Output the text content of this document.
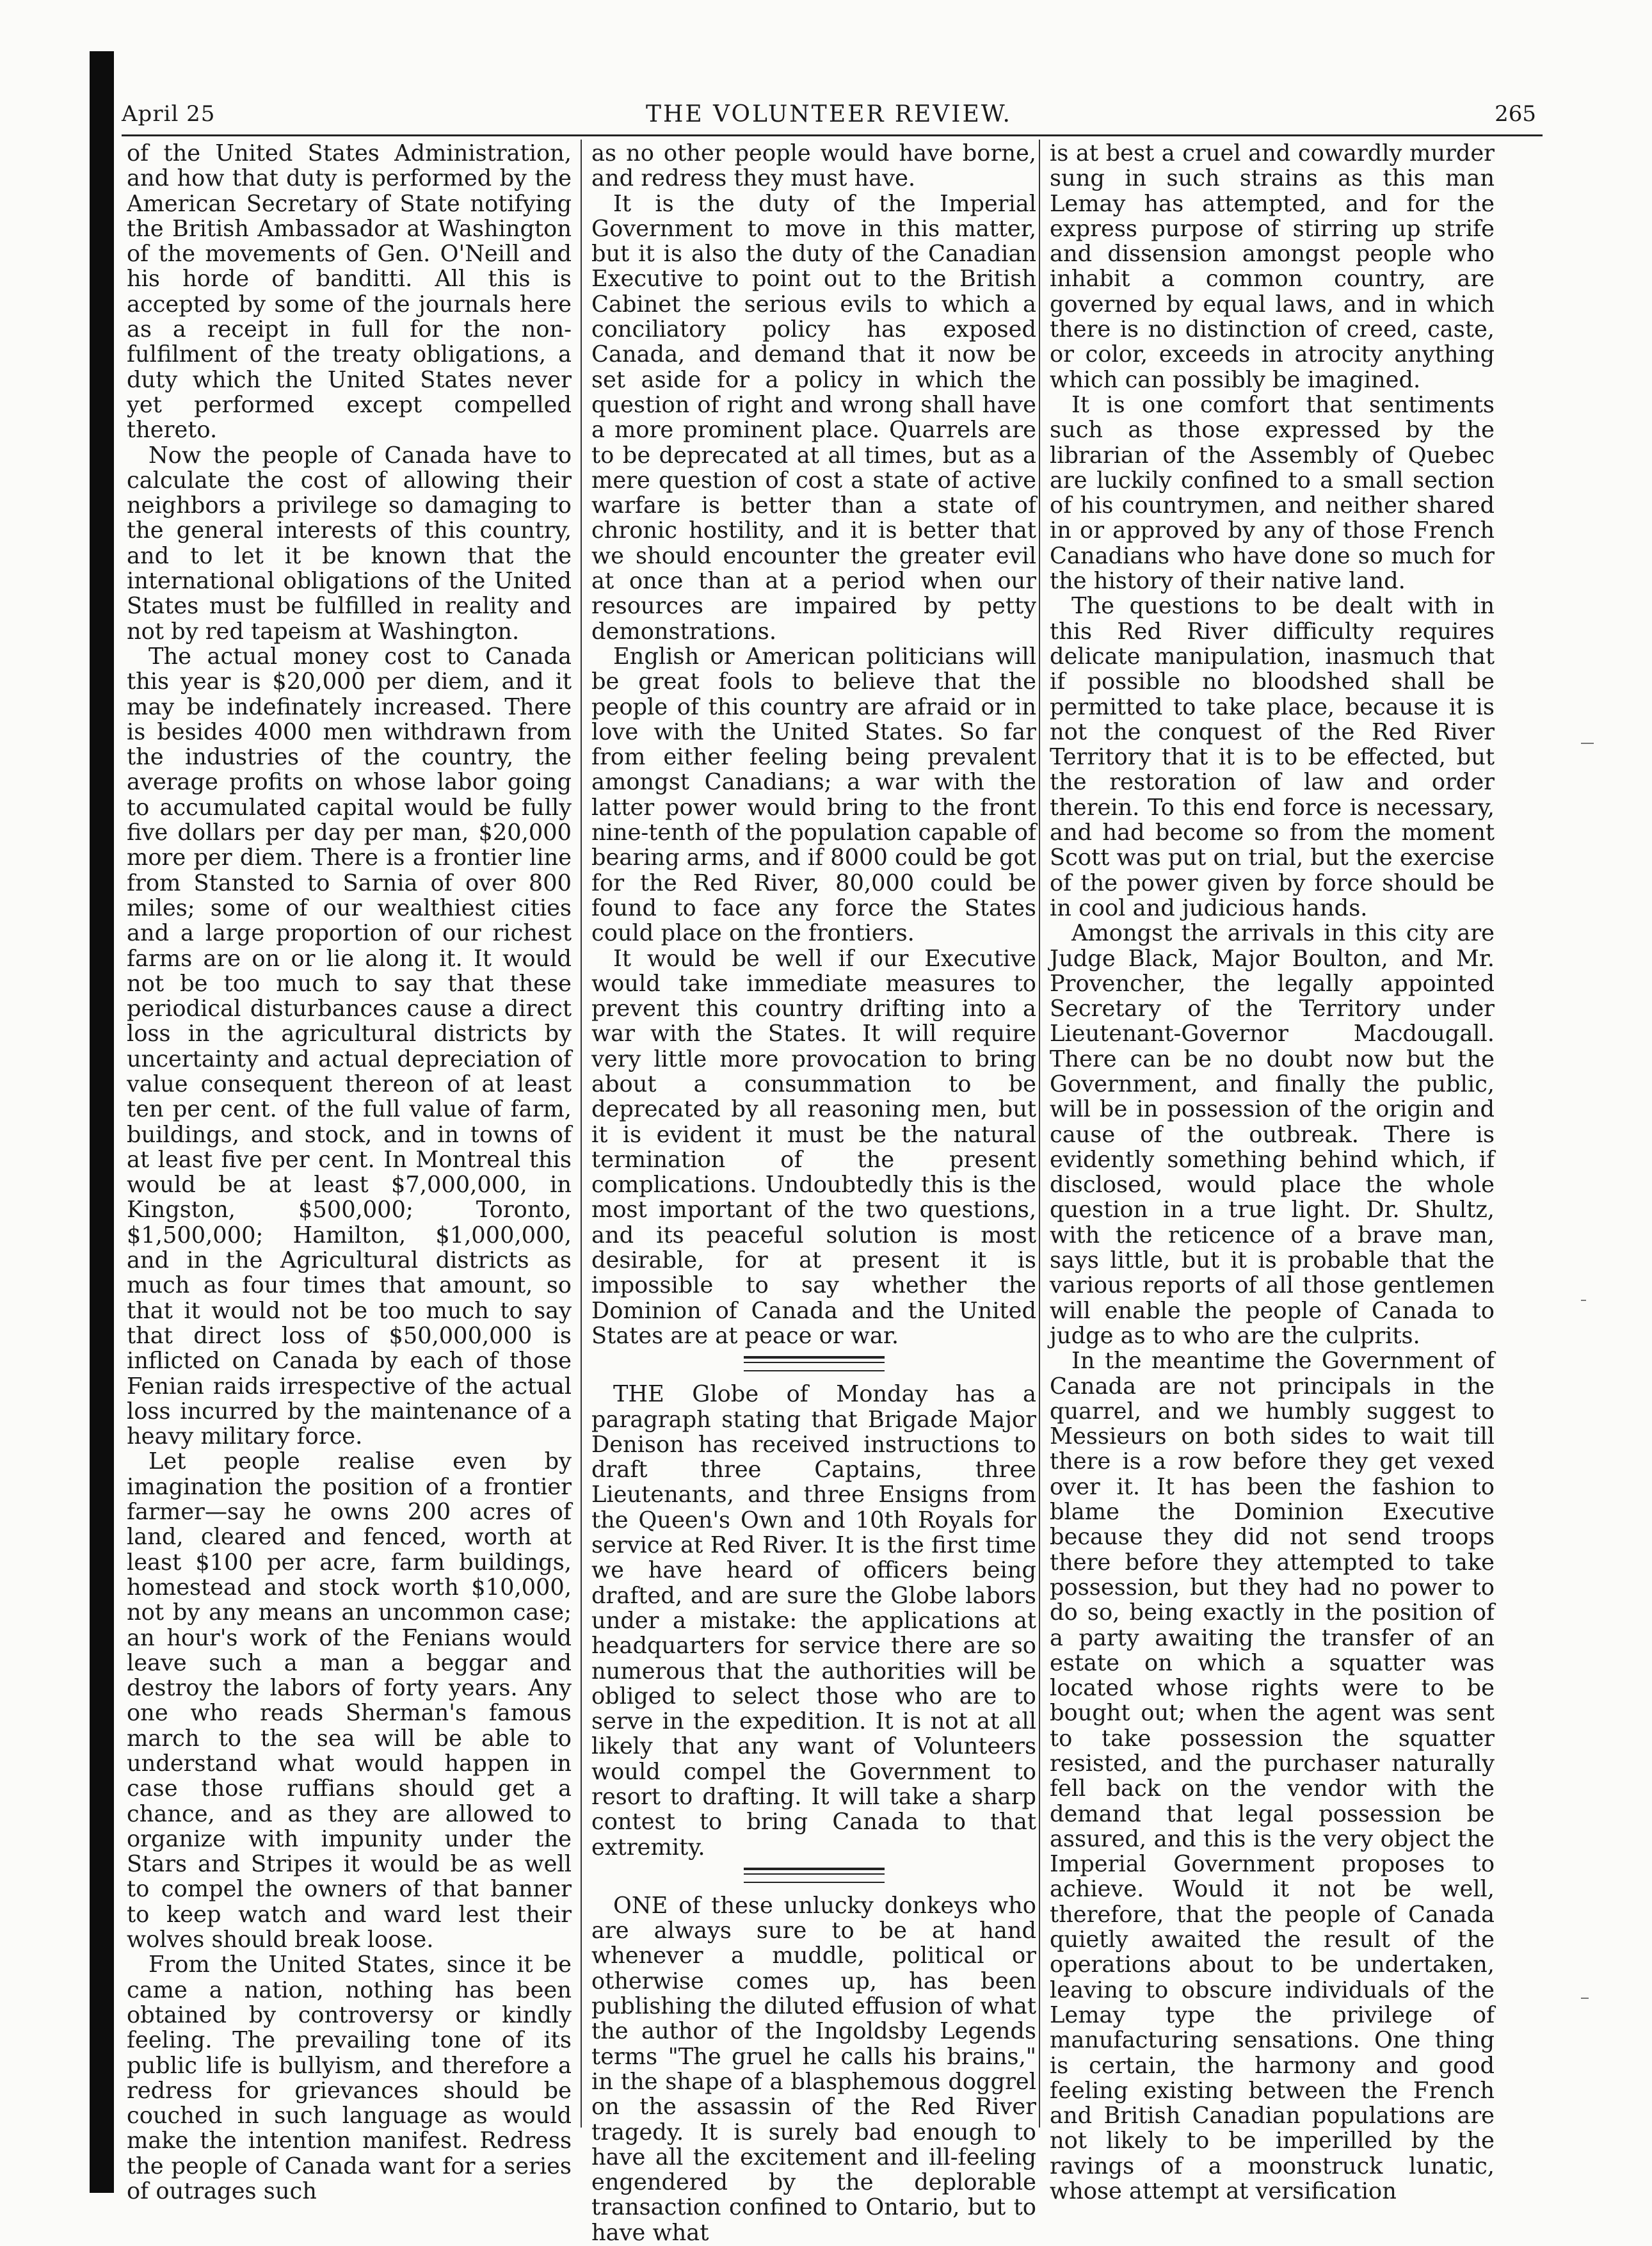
April 25	THE VOLUNTEER REVIEW.	265

of the United States Administration, and how that duty is performed by the American Secretary of State notifying the British Ambassador at Washington of the movements of Gen. O'Neill and his horde of banditti. All this is accepted by some of the journals here as a receipt in full for the non-fulfilment of the treaty obligations, a duty which the United States never yet performed except compelled thereto.

Now the people of Canada have to calculate the cost of allowing their neighbors a privilege so damaging to the general interests of this country, and to let it be known that the international obligations of the United States must be fulfilled in reality and not by red tapeism at Washington.

The actual money cost to Canada this year is $20,000 per diem, and it may be indefinately increased. There is besides 4000 men withdrawn from the industries of the country, the average profits on whose labor going to accumulated capital would be fully five dollars per day per man, $20,000 more per diem. There is a frontier line from Stansted to Sarnia of over 800 miles; some of our wealthiest cities and a large proportion of our richest farms are on or lie along it. It would not be too much to say that these periodical disturbances cause a direct loss in the agricultural districts by uncertainty and actual depreciation of value consequent thereon of at least ten per cent. of the full value of farm, buildings, and stock, and in towns of at least five per cent. In Montreal this would be at least $7,000,000, in Kingston, $500,000; Toronto, $1,500,000; Hamilton, $1,000,000, and in the Agricultural districts as much as four times that amount, so that it would not be too much to say that direct loss of $50,000,000 is inflicted on Canada by each of those Fenian raids irrespective of the actual loss incurred by the maintenance of a heavy military force.

Let people realise even by imagination the position of a frontier farmer—say he owns 200 acres of land, cleared and fenced, worth at least $100 per acre, farm buildings, homestead and stock worth $10,000, not by any means an uncommon case; an hour's work of the Fenians would leave such a man a beggar and destroy the labors of forty years. Any one who reads Sherman's famous march to the sea will be able to understand what would happen in case those ruffians should get a chance, and as they are allowed to organize with impunity under the Stars and Stripes it would be as well to compel the owners of that banner to keep watch and ward lest their wolves should break loose.

From the United States, since it be came a nation, nothing has been obtained by controversy or kindly feeling. The prevailing tone of its public life is bullyism, and therefore a redress for grievances should be couched in such language as would make the intention manifest. Redress the people of Canada want for a series of outrages such

as no other people would have borne, and redress they must have.

It is the duty of the Imperial Government to move in this matter, but it is also the duty of the Canadian Executive to point out to the British Cabinet the serious evils to which a conciliatory policy has exposed Canada, and demand that it now be set aside for a policy in which the question of right and wrong shall have a more prominent place. Quarrels are to be deprecated at all times, but as a mere question of cost a state of active warfare is better than a state of chronic hostility, and it is better that we should encounter the greater evil at once than at a period when our resources are impaired by petty demonstrations.

English or American politicians will be great fools to believe that the people of this country are afraid or in love with the United States. So far from either feeling being prevalent amongst Canadians; a war with the latter power would bring to the front nine-tenth of the population capable of bearing arms, and if 8000 could be got for the Red River, 80,000 could be found to face any force the States could place on the frontiers.

It would be well if our Executive would take immediate measures to prevent this country drifting into a war with the States. It will require very little more provocation to bring about a consummation to be deprecated by all reasoning men, but it is evident it must be the natural termination of the present complications. Undoubtedly this is the most important of the two questions, and its peaceful solution is most desirable, for at present it is impossible to say whether the Dominion of Canada and the United States are at peace or war.

THE Globe of Monday has a paragraph stating that Brigade Major Denison has received instructions to draft three Captains, three Lieutenants, and three Ensigns from the Queen's Own and 10th Royals for service at Red River. It is the first time we have heard of officers being drafted, and are sure the Globe labors under a mistake: the applications at headquarters for service there are so numerous that the authorities will be obliged to select those who are to serve in the expedition. It is not at all likely that any want of Volunteers would compel the Government to resort to drafting. It will take a sharp contest to bring Canada to that extremity.

ONE of these unlucky donkeys who are always sure to be at hand whenever a muddle, political or otherwise comes up, has been publishing the diluted effusion of what the author of the Ingoldsby Legends terms "The gruel he calls his brains," in the shape of a blasphemous doggrel on the assassin of the Red River tragedy. It is surely bad enough to have all the excitement and ill-feeling engendered by the deplorable transaction confined to Ontario, but to have what

is at best a cruel and cowardly murder sung in such strains as this man Lemay has attempted, and for the express purpose of stirring up strife and dissension amongst people who inhabit a common country, are governed by equal laws, and in which there is no distinction of creed, caste, or color, exceeds in atrocity anything which can possibly be imagined.

It is one comfort that sentiments such as those expressed by the librarian of the Assembly of Quebec are luckily confined to a small section of his countrymen, and neither shared in or approved by any of those French Canadians who have done so much for the history of their native land.

The questions to be dealt with in this Red River difficulty requires delicate manipulation, inasmuch that if possible no bloodshed shall be permitted to take place, because it is not the conquest of the Red River Territory that it is to be effected, but the restoration of law and order therein. To this end force is necessary, and had become so from the moment Scott was put on trial, but the exercise of the power given by force should be in cool and judicious hands.

Amongst the arrivals in this city are Judge Black, Major Boulton, and Mr. Provencher, the legally appointed Secretary of the Territory under Lieutenant-Governor Macdougall. There can be no doubt now but the Government, and finally the public, will be in possession of the origin and cause of the outbreak. There is evidently something behind which, if disclosed, would place the whole question in a true light. Dr. Shultz, with the reticence of a brave man, says little, but it is probable that the various reports of all those gentlemen will enable the people of Canada to judge as to who are the culprits.

In the meantime the Government of Canada are not principals in the quarrel, and we humbly suggest to Messieurs on both sides to wait till there is a row before they get vexed over it. It has been the fashion to blame the Dominion Executive because they did not send troops there before they attempted to take possession, but they had no power to do so, being exactly in the position of a party awaiting the transfer of an estate on which a squatter was located whose rights were to be bought out; when the agent was sent to take possession the squatter resisted, and the purchaser naturally fell back on the vendor with the demand that legal possession be assured, and this is the very object the Imperial Government proposes to achieve. Would it not be well, therefore, that the people of Canada quietly awaited the result of the operations about to be undertaken, leaving to obscure individuals of the Lemay type the privilege of manufacturing sensations. One thing is certain, the harmony and good feeling existing between the French and British Canadian populations are not likely to be imperilled by the ravings of a moonstruck lunatic, whose attempt at versification
